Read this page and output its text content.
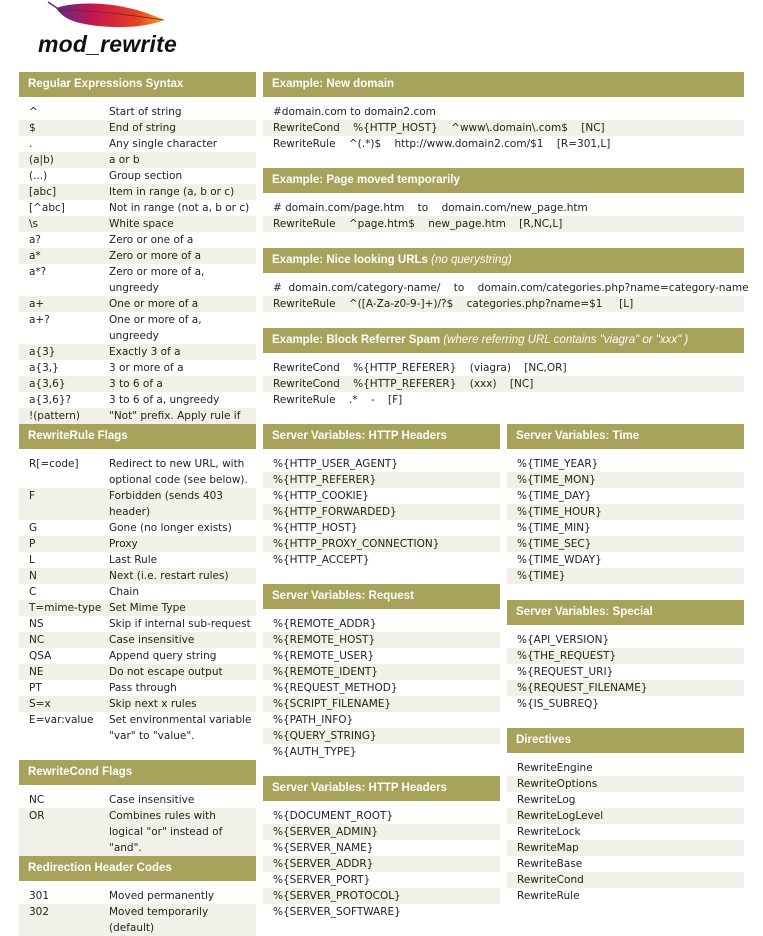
mod_rewrite
Regular Expressions Syntax
^	Start of string
$	End of string
.	Any single character
(a|b)	a or b
(...)	Group section
[abc]	Item in range (a, b or c)
[^abc]	Not in range (not a, b or c)
\s	White space
a?	Zero or one of a
a*	Zero or more of a
a*?	Zero or more of a, ungreedy
a+	One or more of a
a+?	One or more of a, ungreedy
a{3}	Exactly 3 of a
a{3,}	3 or more of a
a{3,6}	3 to 6 of a
a{3,6}?	3 to 6 of a, ungreedy
!(pattern)	"Not" prefix. Apply rule if
RewriteRule Flags
R[=code]	Redirect to new URL, with optional code (see below).
F	Forbidden (sends 403 header)
G	Gone (no longer exists)
P	Proxy
L	Last Rule
N	Next (i.e. restart rules)
C	Chain
T=mime-type Set Mime Type
NS	Skip if internal sub-request
NC	Case insensitive
QSA	Append query string
NE	Do not escape output
PT	Pass through
S=x	Skip next x rules
E=var:value	Set environmental variable "var" to "value".
RewriteCond Flags
NC	Case insensitive
OR	Combines rules with logical "or" instead of "and".
Redirection Header Codes
301	Moved permanently
302	Moved temporarily (default)
Example: New domain
#domain.com to domain2.com
RewriteCond    %{HTTP_HOST}    ^www\.domain\.com$    [NC]
RewriteRule    ^(.*)$    http://www.domain2.com/$1    [R=301,L]
Example: Page moved temporarily
# domain.com/page.htm    to    domain.com/new_page.htm
RewriteRule    ^page.htm$    new_page.htm    [R,NC,L]
Example: Nice looking URLs (no querystring)
#  domain.com/category-name/    to    domain.com/categories.php?name=category-name
RewriteRule    ^([A-Za-z0-9-]+)/?$    categories.php?name=$1     [L]
Example: Block Referrer Spam (where referring URL contains "viagra" or "xxx" )
RewriteCond    %{HTTP_REFERER}    (viagra)    [NC,OR]
RewriteCond    %{HTTP_REFERER}    (xxx)    [NC]
RewriteRule    .*    -    [F]
Server Variables: HTTP Headers
%{HTTP_USER_AGENT}
%{HTTP_REFERER}
%{HTTP_COOKIE}
%{HTTP_FORWARDED}
%{HTTP_HOST}
%{HTTP_PROXY_CONNECTION}
%{HTTP_ACCEPT}
Server Variables: Request
%{REMOTE_ADDR}
%{REMOTE_HOST}
%{REMOTE_USER}
%{REMOTE_IDENT}
%{REQUEST_METHOD}
%{SCRIPT_FILENAME}
%{PATH_INFO}
%{QUERY_STRING}
%{AUTH_TYPE}
Server Variables: HTTP Headers
%{DOCUMENT_ROOT}
%{SERVER_ADMIN}
%{SERVER_NAME}
%{SERVER_ADDR}
%{SERVER_PORT}
%{SERVER_PROTOCOL}
%{SERVER_SOFTWARE}
Server Variables: Time
%{TIME_YEAR}
%{TIME_MON}
%{TIME_DAY}
%{TIME_HOUR}
%{TIME_MIN}
%{TIME_SEC}
%{TIME_WDAY}
%{TIME}
Server Variables: Special
%{API_VERSION}
%{THE_REQUEST}
%{REQUEST_URI}
%{REQUEST_FILENAME}
%{IS_SUBREQ}
Directives
RewriteEngine
RewriteOptions
RewriteLog
RewriteLogLevel
RewriteLock
RewriteMap
RewriteBase
RewriteCond
RewriteRule
